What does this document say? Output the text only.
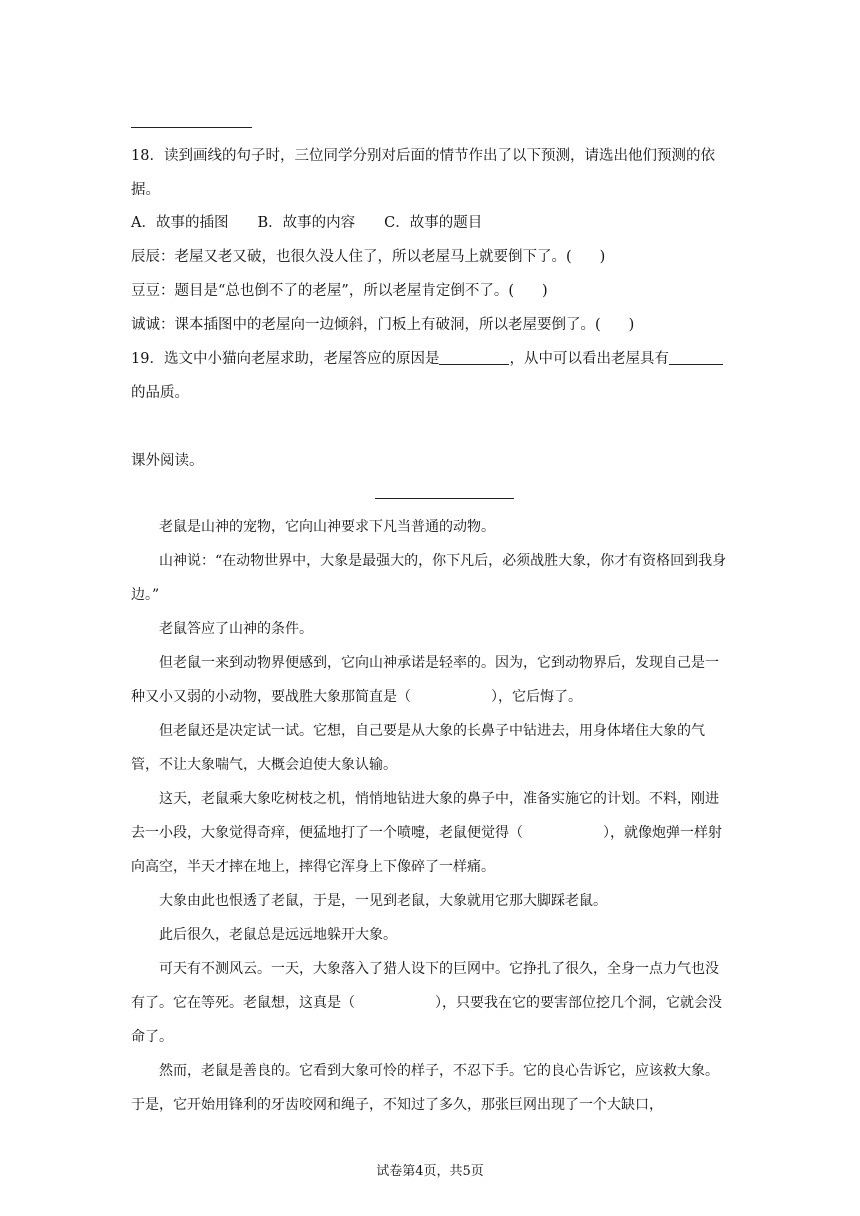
18．读到画线的句子时，三位同学分别对后面的情节作出了以下预测，请选出他们预测的依
据。
A．故事的插图　　B．故事的内容　　C．故事的题目
辰辰：老屋又老又破，也很久没人住了，所以老屋马上就要倒下了。( )
豆豆：题目是“总也倒不了的老屋”，所以老屋肯定倒不了。( )
诚诚：课本插图中的老屋向一边倾斜，门板上有破洞，所以老屋要倒了。( )
19．选文中小猫向老屋求助，老屋答应的原因是	，从中可以看出老屋具有
的品质。
课外阅读。

老鼠是山神的宠物，它向山神要求下凡当普通的动物。

山神说：“在动物世界中，大象是最强大的，你下凡后，必须战胜大象，你才有资格回到我身边。”

老鼠答应了山神的条件。

但老鼠一来到动物界便感到，它向山神承诺是轻率的。因为，它到动物界后，发现自己是一种又小又弱的小动物，要战胜大象那简直是（	），它后悔了。

但老鼠还是决定试一试。它想，自己要是从大象的长鼻子中钻进去，用身体堵住大象的气管，不让大象喘气，大概会迫使大象认输。

这天，老鼠乘大象吃树枝之机，悄悄地钻进大象的鼻子中，准备实施它的计划。不料，刚进去一小段，大象觉得奇痒，便猛地打了一个喷嚏，老鼠便觉得（	），就像炮弹一样射向高空，半天才摔在地上，摔得它浑身上下像碎了一样痛。

大象由此也恨透了老鼠，于是，一见到老鼠，大象就用它那大脚踩老鼠。

此后很久，老鼠总是远远地躲开大象。

可天有不测风云。一天，大象落入了猎人设下的巨网中。它挣扎了很久，全身一点力气也没有了。它在等死。老鼠想，这真是（	），只要我在它的要害部位挖几个洞，它就会没命了。

然而，老鼠是善良的。它看到大象可怜的样子，不忍下手。它的良心告诉它，应该救大象。于是，它开始用锋利的牙齿咬网和绳子，不知过了多久，那张巨网出现了一个大缺口，

试卷第4页，共5页
